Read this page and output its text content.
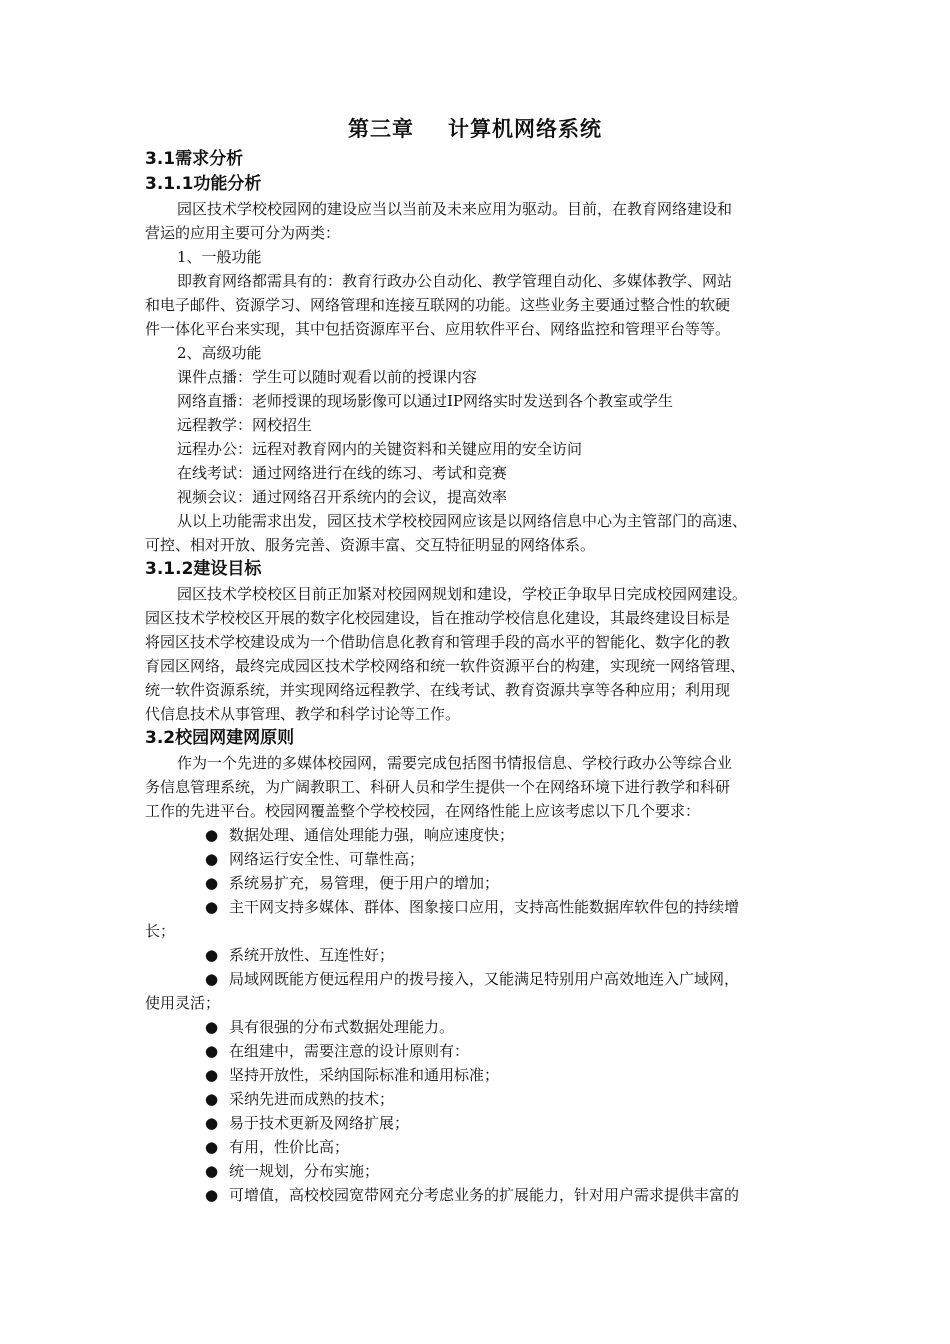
第三章 计算机网络系统
3.1需求分析
3.1.1功能分析

园区技术学校校园网的建设应当以当前及未来应用为驱动。目前，在教育网络建设和

营运的应用主要可分为两类：

1、一般功能

即教育网络都需具有的：教育行政办公自动化、教学管理自动化、多媒体教学、网站

和电子邮件、资源学习、网络管理和连接互联网的功能。这些业务主要通过整合性的软硬

件一体化平台来实现，其中包括资源库平台、应用软件平台、网络监控和管理平台等等。

2、高级功能

课件点播：学生可以随时观看以前的授课内容

网络直播：老师授课的现场影像可以通过IP网络实时发送到各个教室或学生

远程教学：网校招生

远程办公：远程对教育网内的关键资料和关键应用的安全访问

在线考试：通过网络进行在线的练习、考试和竞赛

视频会议：通过网络召开系统内的会议，提高效率

从以上功能需求出发，园区技术学校校园网应该是以网络信息中心为主管部门的高速、

可控、相对开放、服务完善、资源丰富、交互特征明显的网络体系。

3.1.2建设目标

园区技术学校校区目前正加紧对校园网规划和建设，学校正争取早日完成校园网建设。

园区技术学校校区开展的数字化校园建设，旨在推动学校信息化建设，其最终建设目标是

将园区技术学校建设成为一个借助信息化教育和管理手段的高水平的智能化、数字化的教

育园区网络，最终完成园区技术学校网络和统一软件资源平台的构建，实现统一网络管理、

统一软件资源系统，并实现网络远程教学、在线考试、教育资源共享等各种应用；利用现

代信息技术从事管理、教学和科学讨论等工作。

3.2校园网建网原则

作为一个先进的多媒体校园网，需要完成包括图书情报信息、学校行政办公等综合业

务信息管理系统，为广阔教职工、科研人员和学生提供一个在网络环境下进行教学和科研

工作的先进平台。校园网覆盖整个学校校园，在网络性能上应该考虑以下几个要求：

● 数据处理、通信处理能力强，响应速度快；
● 网络运行安全性、可靠性高；
● 系统易扩充，易管理，便于用户的增加；
● 主干网支持多媒体、群体、图象接口应用，支持高性能数据库软件包的持续增

长；

● 系统开放性、互连性好；
● 局域网既能方便远程用户的拨号接入，又能满足特别用户高效地连入广域网，

使用灵活；

● 具有很强的分布式数据处理能力。
● 在组建中，需要注意的设计原则有：
● 坚持开放性，采纳国际标准和通用标准；
● 采纳先进而成熟的技术；
● 易于技术更新及网络扩展；
● 有用，性价比高；
● 统一规划，分布实施；
● 可增值，高校校园宽带网充分考虑业务的扩展能力，针对用户需求提供丰富的
